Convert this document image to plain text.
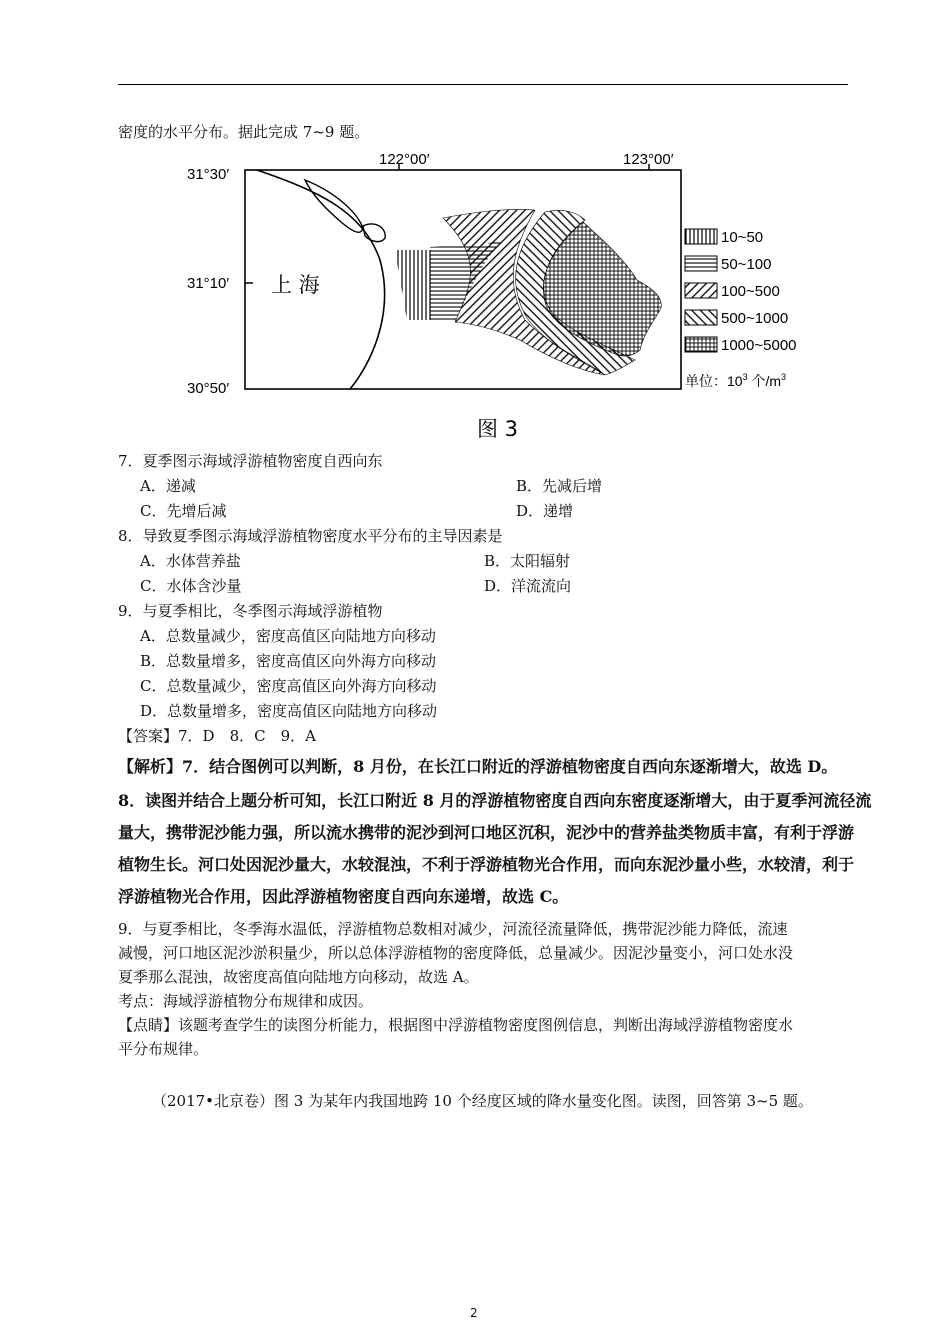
密度的水平分布。据此完成 7~9 题。
31°30′
31°10′
30°50′
122°00′	123°00′
上 海
10~50
50~100
100~500
500~1000
1000~5000
单位：$10^3$ 个$/m^3$
图 3
7．夏季图示海域浮游植物密度自西向东
A．递减	B．先减后增
C．先增后减	D．递增
8．导致夏季图示海域浮游植物密度水平分布的主导因素是
A．水体营养盐	B．太阳辐射
C．水体含沙量	D．洋流流向
9．与夏季相比，冬季图示海域浮游植物
A．总数量减少，密度高值区向陆地方向移动
B．总数量增多，密度高值区向外海方向移动
C．总数量减少，密度高值区向外海方向移动
D．总数量增多，密度高值区向陆地方向移动
【答案】7．D　8．C　9．A
【解析】7．结合图例可以判断，8 月份，在长江口附近的浮游植物密度自西向东逐渐增大，故选 D。
8．读图并结合上题分析可知，长江口附近 8 月的浮游植物密度自西向东密度逐渐增大，由于夏季河流径流
量大，携带泥沙能力强，所以流水携带的泥沙到河口地区沉积，泥沙中的营养盐类物质丰富，有利于浮游
植物生长。河口处因泥沙量大，水较混浊，不利于浮游植物光合作用，而向东泥沙量小些，水较清，利于
浮游植物光合作用，因此浮游植物密度自西向东递增，故选 C。
9．与夏季相比，冬季海水温低，浮游植物总数相对减少，河流径流量降低，携带泥沙能力降低，流速
减慢，河口地区泥沙淤积量少，所以总体浮游植物的密度降低，总量减少。因泥沙量变小，河口处水没
夏季那么混浊，故密度高值向陆地方向移动，故选 A。
考点：海域浮游植物分布规律和成因。
【点睛】该题考查学生的读图分析能力，根据图中浮游植物密度图例信息，判断出海域浮游植物密度水
平分布规律。
（2017•北京卷）图 3 为某年内我国地跨 10 个经度区域的降水量变化图。读图，回答第 3~5 题。
2
